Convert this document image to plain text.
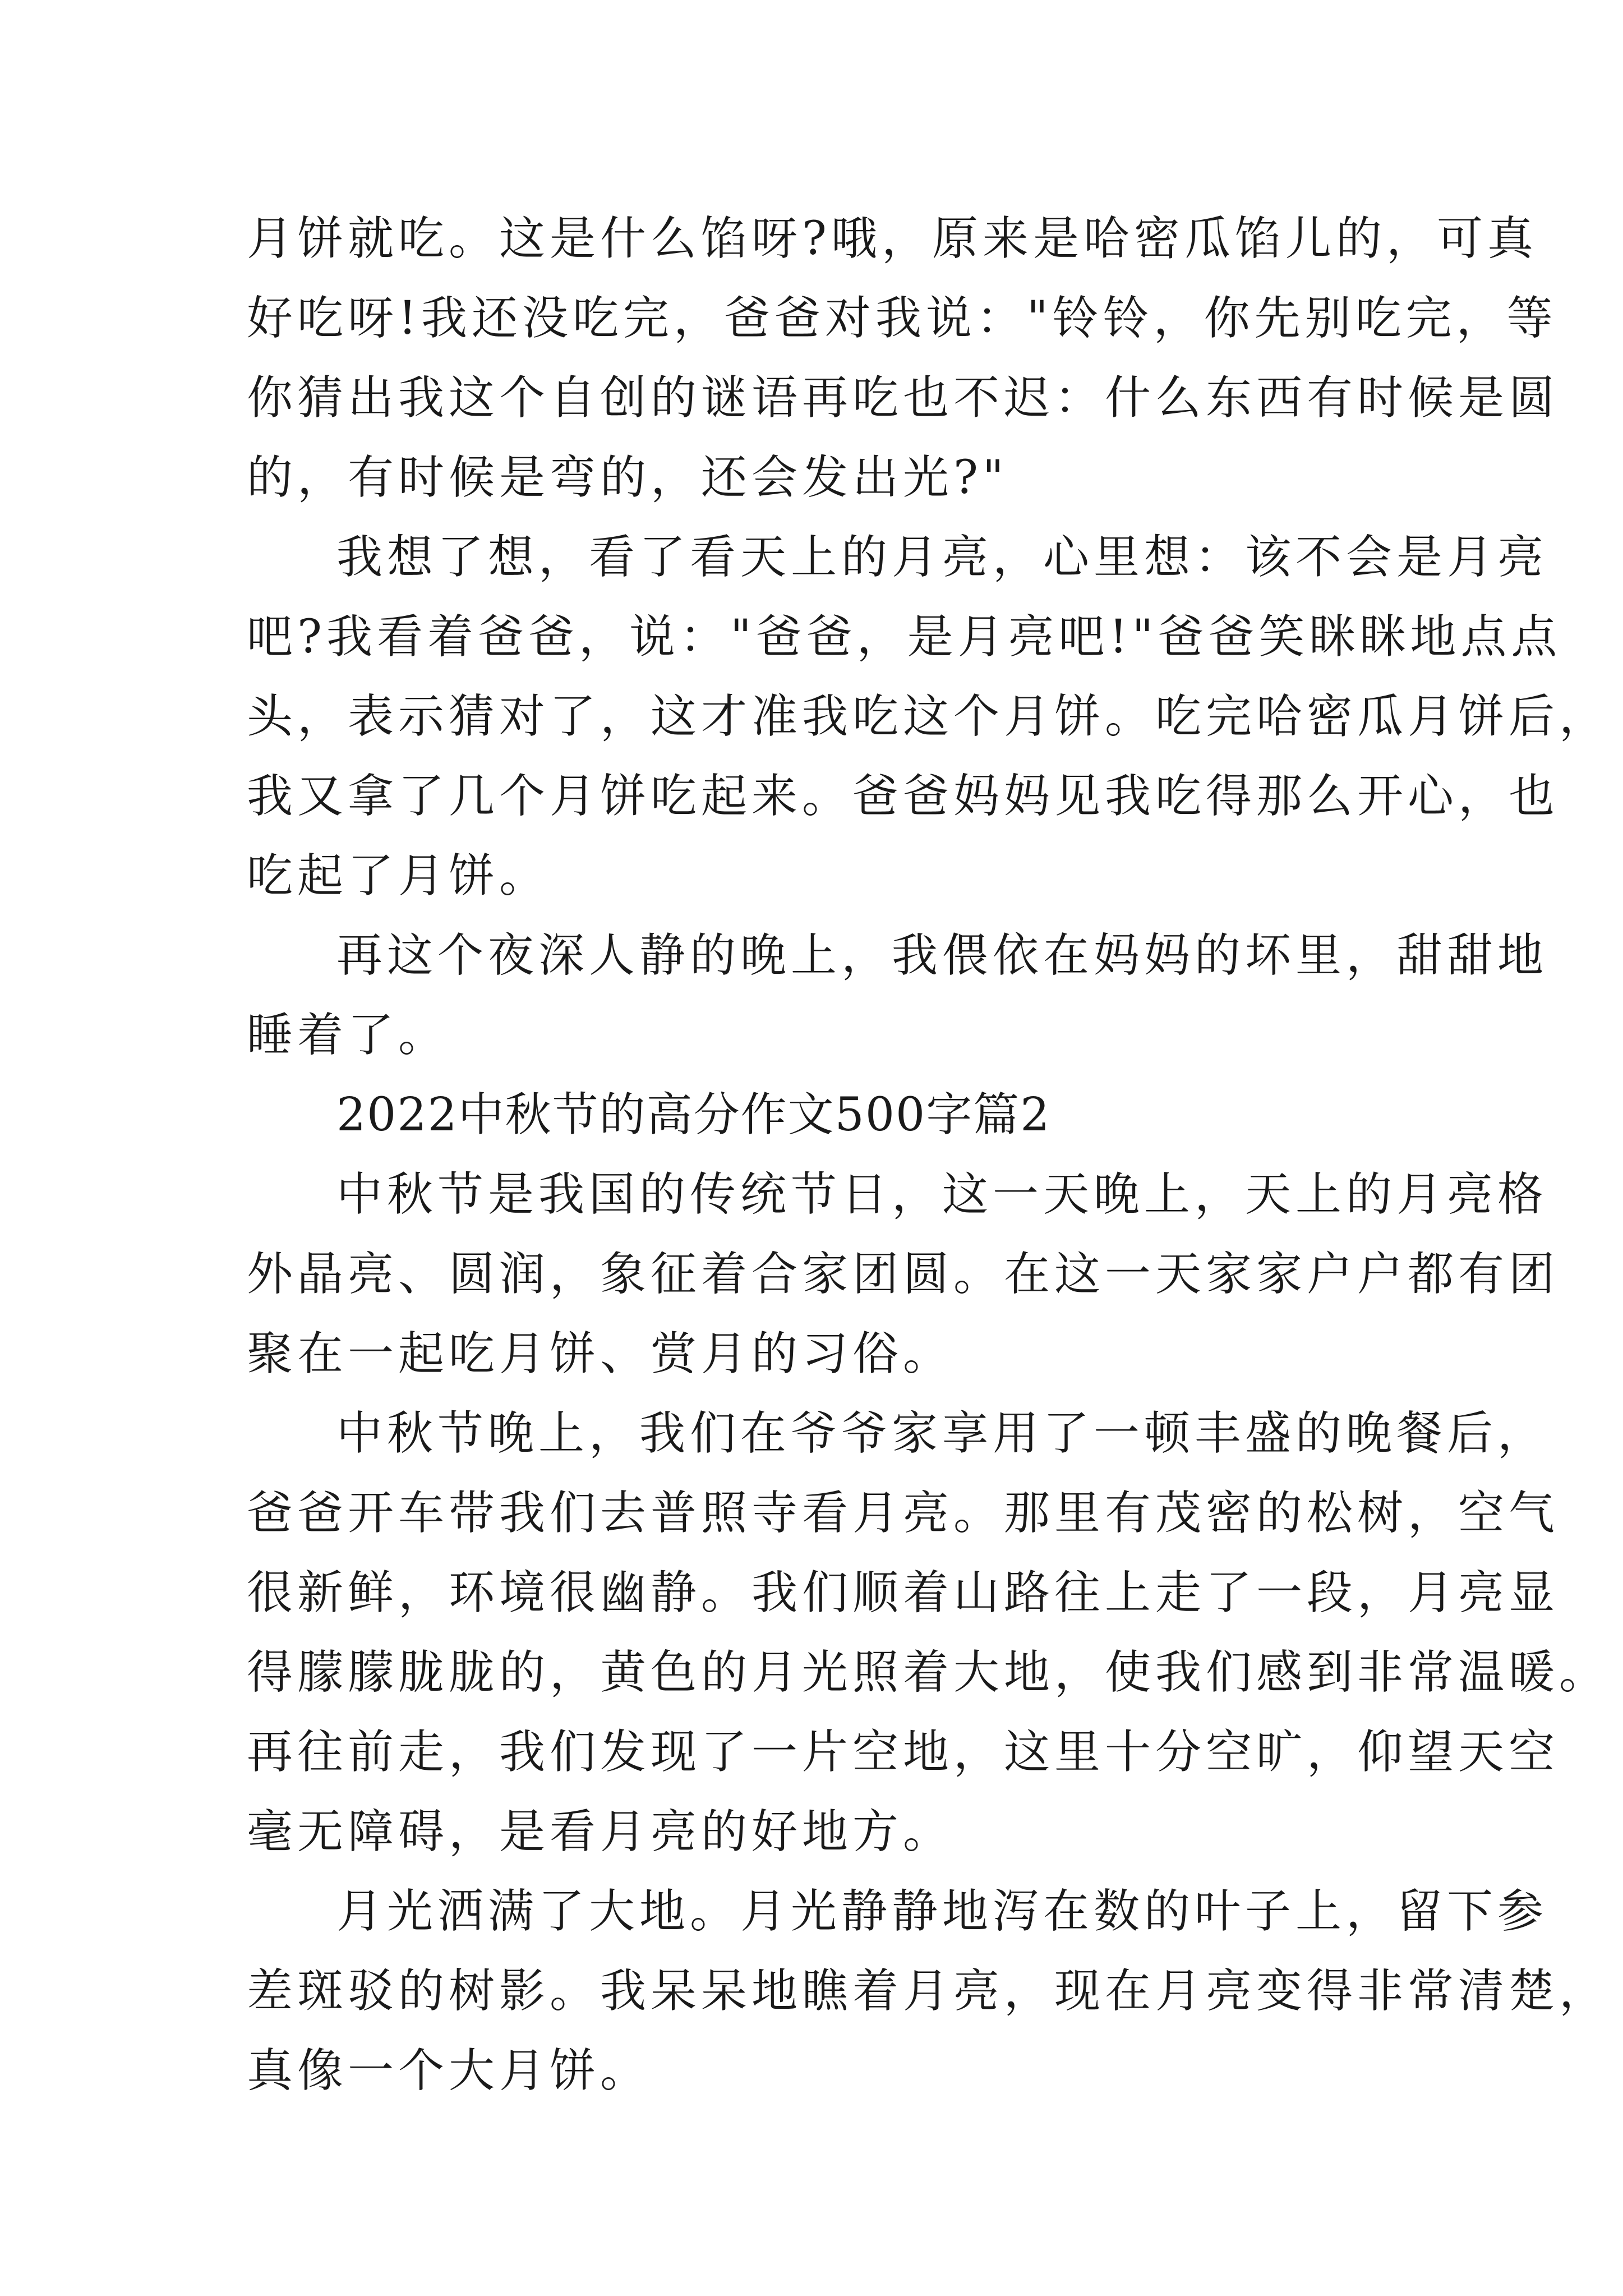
月饼就吃。这是什么馅呀?哦，原来是哈密瓜馅儿的，可真
好吃呀!我还没吃完，爸爸对我说："铃铃，你先别吃完，等
你猜出我这个自创的谜语再吃也不迟：什么东西有时候是圆
的，有时候是弯的，还会发出光?"
我想了想，看了看天上的月亮，心里想：该不会是月亮
吧?我看着爸爸，说："爸爸，是月亮吧!"爸爸笑眯眯地点点
头，表示猜对了，这才准我吃这个月饼。吃完哈密瓜月饼后，
我又拿了几个月饼吃起来。爸爸妈妈见我吃得那么开心，也
吃起了月饼。
再这个夜深人静的晚上，我偎依在妈妈的坏里，甜甜地
睡着了。
2022中秋节的高分作文500字篇2
中秋节是我国的传统节日，这一天晚上，天上的月亮格
外晶亮、圆润，象征着合家团圆。在这一天家家户户都有团
聚在一起吃月饼、赏月的习俗。
中秋节晚上，我们在爷爷家享用了一顿丰盛的晚餐后，
爸爸开车带我们去普照寺看月亮。那里有茂密的松树，空气
很新鲜，环境很幽静。我们顺着山路往上走了一段，月亮显
得朦朦胧胧的，黄色的月光照着大地，使我们感到非常温暖。
再往前走，我们发现了一片空地，这里十分空旷，仰望天空
毫无障碍，是看月亮的好地方。
月光洒满了大地。月光静静地泻在数的叶子上，留下参
差斑驳的树影。我呆呆地瞧着月亮，现在月亮变得非常清楚，
真像一个大月饼。
